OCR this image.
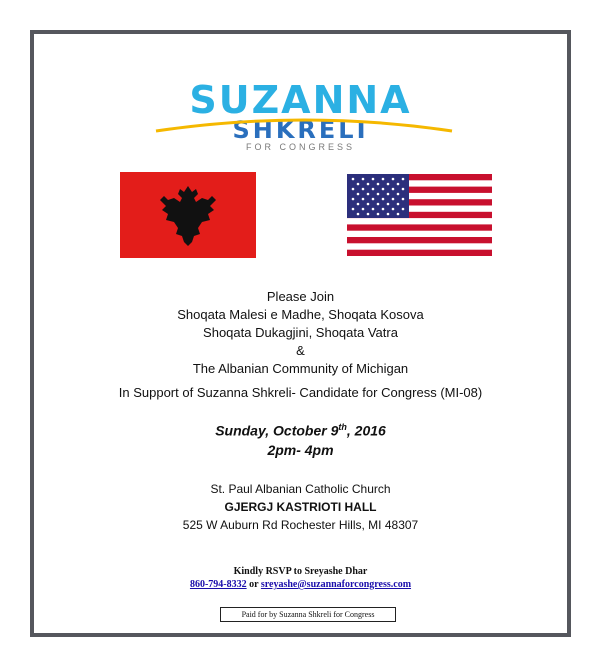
SUZANNA
SHKRELI
FOR CONGRESS
Please Join
Shoqata Malesi e Madhe, Shoqata Kosova
Shoqata Dukagjini, Shoqata Vatra
&
The Albanian Community of Michigan
In Support of Suzanna Shkreli- Candidate for Congress (MI-08)
Sunday, October 9th, 2016
2pm- 4pm
St. Paul Albanian Catholic Church
GJERGJ KASTRIOTI HALL
525 W Auburn Rd Rochester Hills, MI 48307
Kindly RSVP to Sreyashe Dhar
860-794-8332 or sreyashe@suzannaforcongress.com
Paid for by Suzanna Shkreli for Congress
